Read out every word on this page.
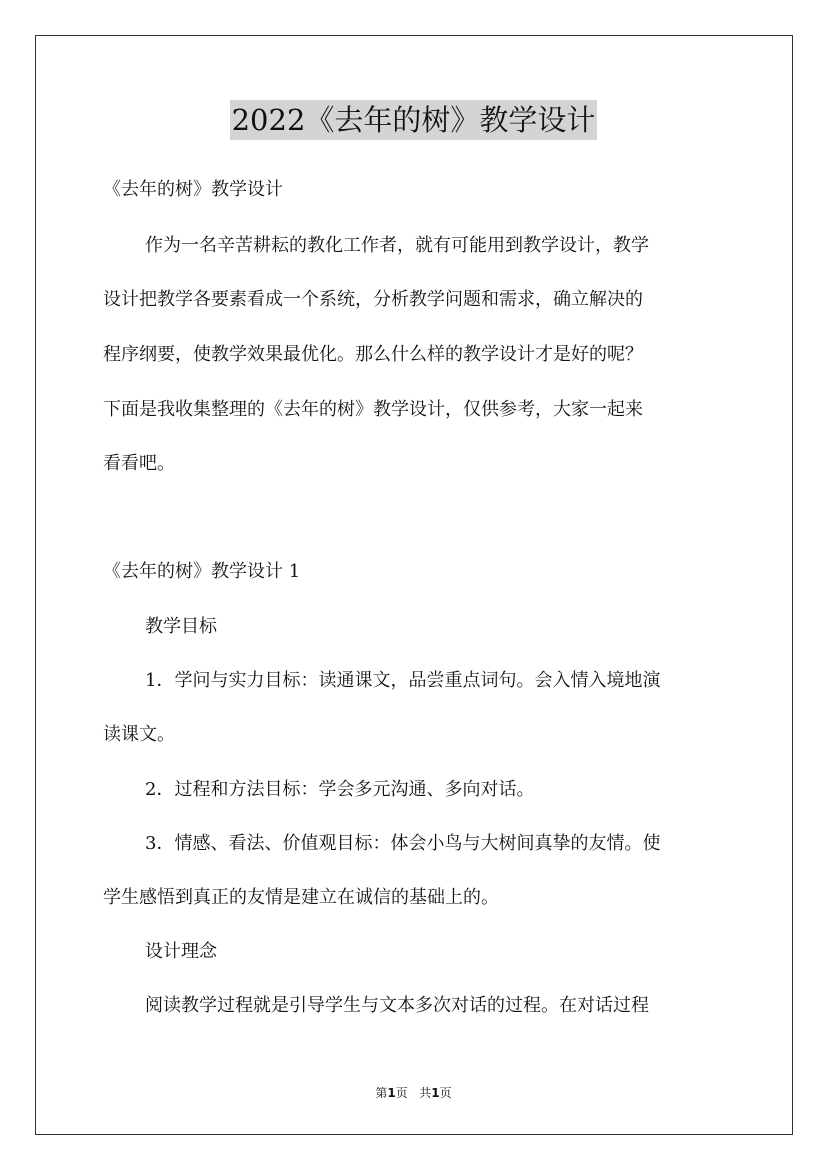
2022《去年的树》教学设计
《去年的树》教学设计
作为一名辛苦耕耘的教化工作者，就有可能用到教学设计，教学
设计把教学各要素看成一个系统，分析教学问题和需求，确立解决的
程序纲要，使教学效果最优化。那么什么样的教学设计才是好的呢？
下面是我收集整理的《去年的树》教学设计，仅供参考，大家一起来
看看吧。
《去年的树》教学设计 1
教学目标
1．学问与实力目标：读通课文，品尝重点词句。会入情入境地演
读课文。
2．过程和方法目标：学会多元沟通、多向对话。
3．情感、看法、价值观目标：体会小鸟与大树间真挚的友情。使
学生感悟到真正的友情是建立在诚信的基础上的。
设计理念
阅读教学过程就是引导学生与文本多次对话的过程。在对话过程
第1页 共1页
